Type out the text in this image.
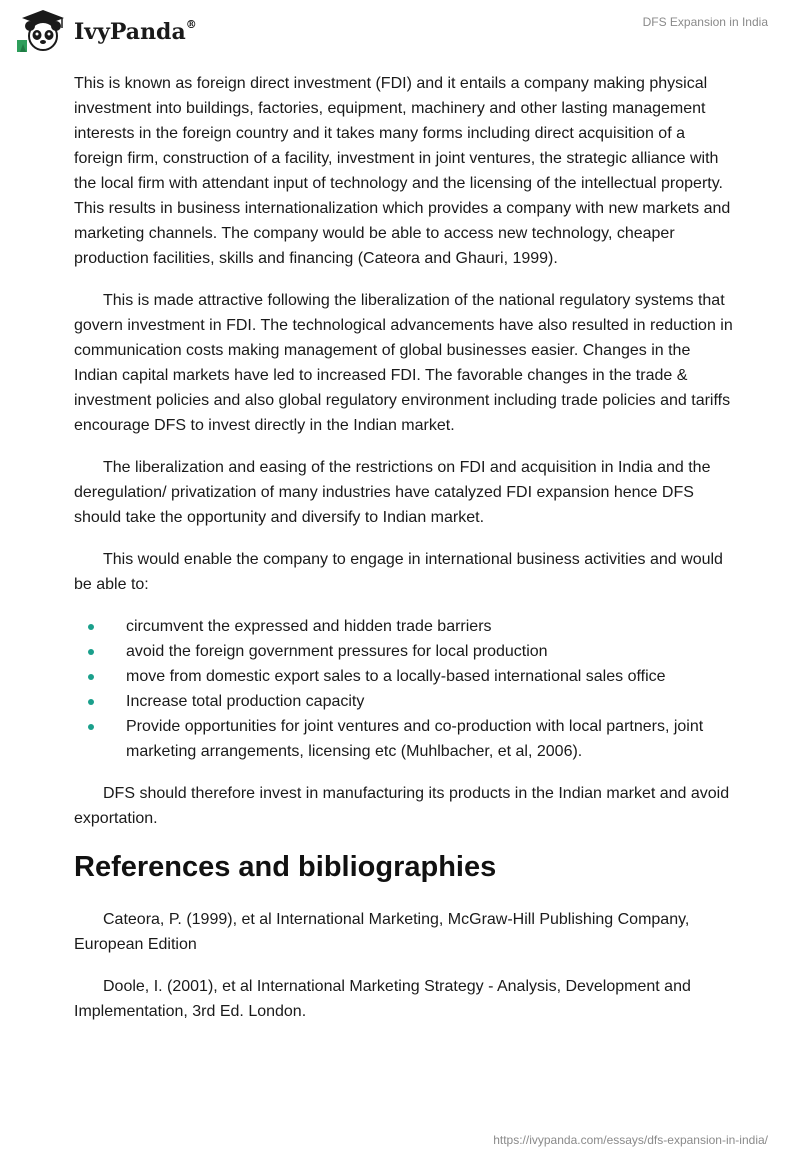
IvyPanda®	DFS Expansion in India

This is known as foreign direct investment (FDI) and it entails a company making physical investment into buildings, factories, equipment, machinery and other lasting management interests in the foreign country and it takes many forms including direct acquisition of a foreign firm, construction of a facility, investment in joint ventures, the strategic alliance with the local firm with attendant input of technology and the licensing of the intellectual property. This results in business internationalization which provides a company with new markets and marketing channels. The company would be able to access new technology, cheaper production facilities, skills and financing (Cateora and Ghauri, 1999).

This is made attractive following the liberalization of the national regulatory systems that govern investment in FDI. The technological advancements have also resulted in reduction in communication costs making management of global businesses easier. Changes in the Indian capital markets have led to increased FDI. The favorable changes in the trade & investment policies and also global regulatory environment including trade policies and tariffs encourage DFS to invest directly in the Indian market.

The liberalization and easing of the restrictions on FDI and acquisition in India and the deregulation/ privatization of many industries have catalyzed FDI expansion hence DFS should take the opportunity and diversify to Indian market.

This would enable the company to engage in international business activities and would be able to:

circumvent the expressed and hidden trade barriers
avoid the foreign government pressures for local production
move from domestic export sales to a locally-based international sales office
Increase total production capacity
Provide opportunities for joint ventures and co-production with local partners, joint marketing arrangements, licensing etc (Muhlbacher, et al, 2006).

DFS should therefore invest in manufacturing its products in the Indian market and avoid exportation.

References and bibliographies

Cateora, P. (1999), et al International Marketing, McGraw-Hill Publishing Company, European Edition

Doole, I. (2001), et al International Marketing Strategy - Analysis, Development and Implementation, 3rd Ed. London.

https://ivypanda.com/essays/dfs-expansion-in-india/
